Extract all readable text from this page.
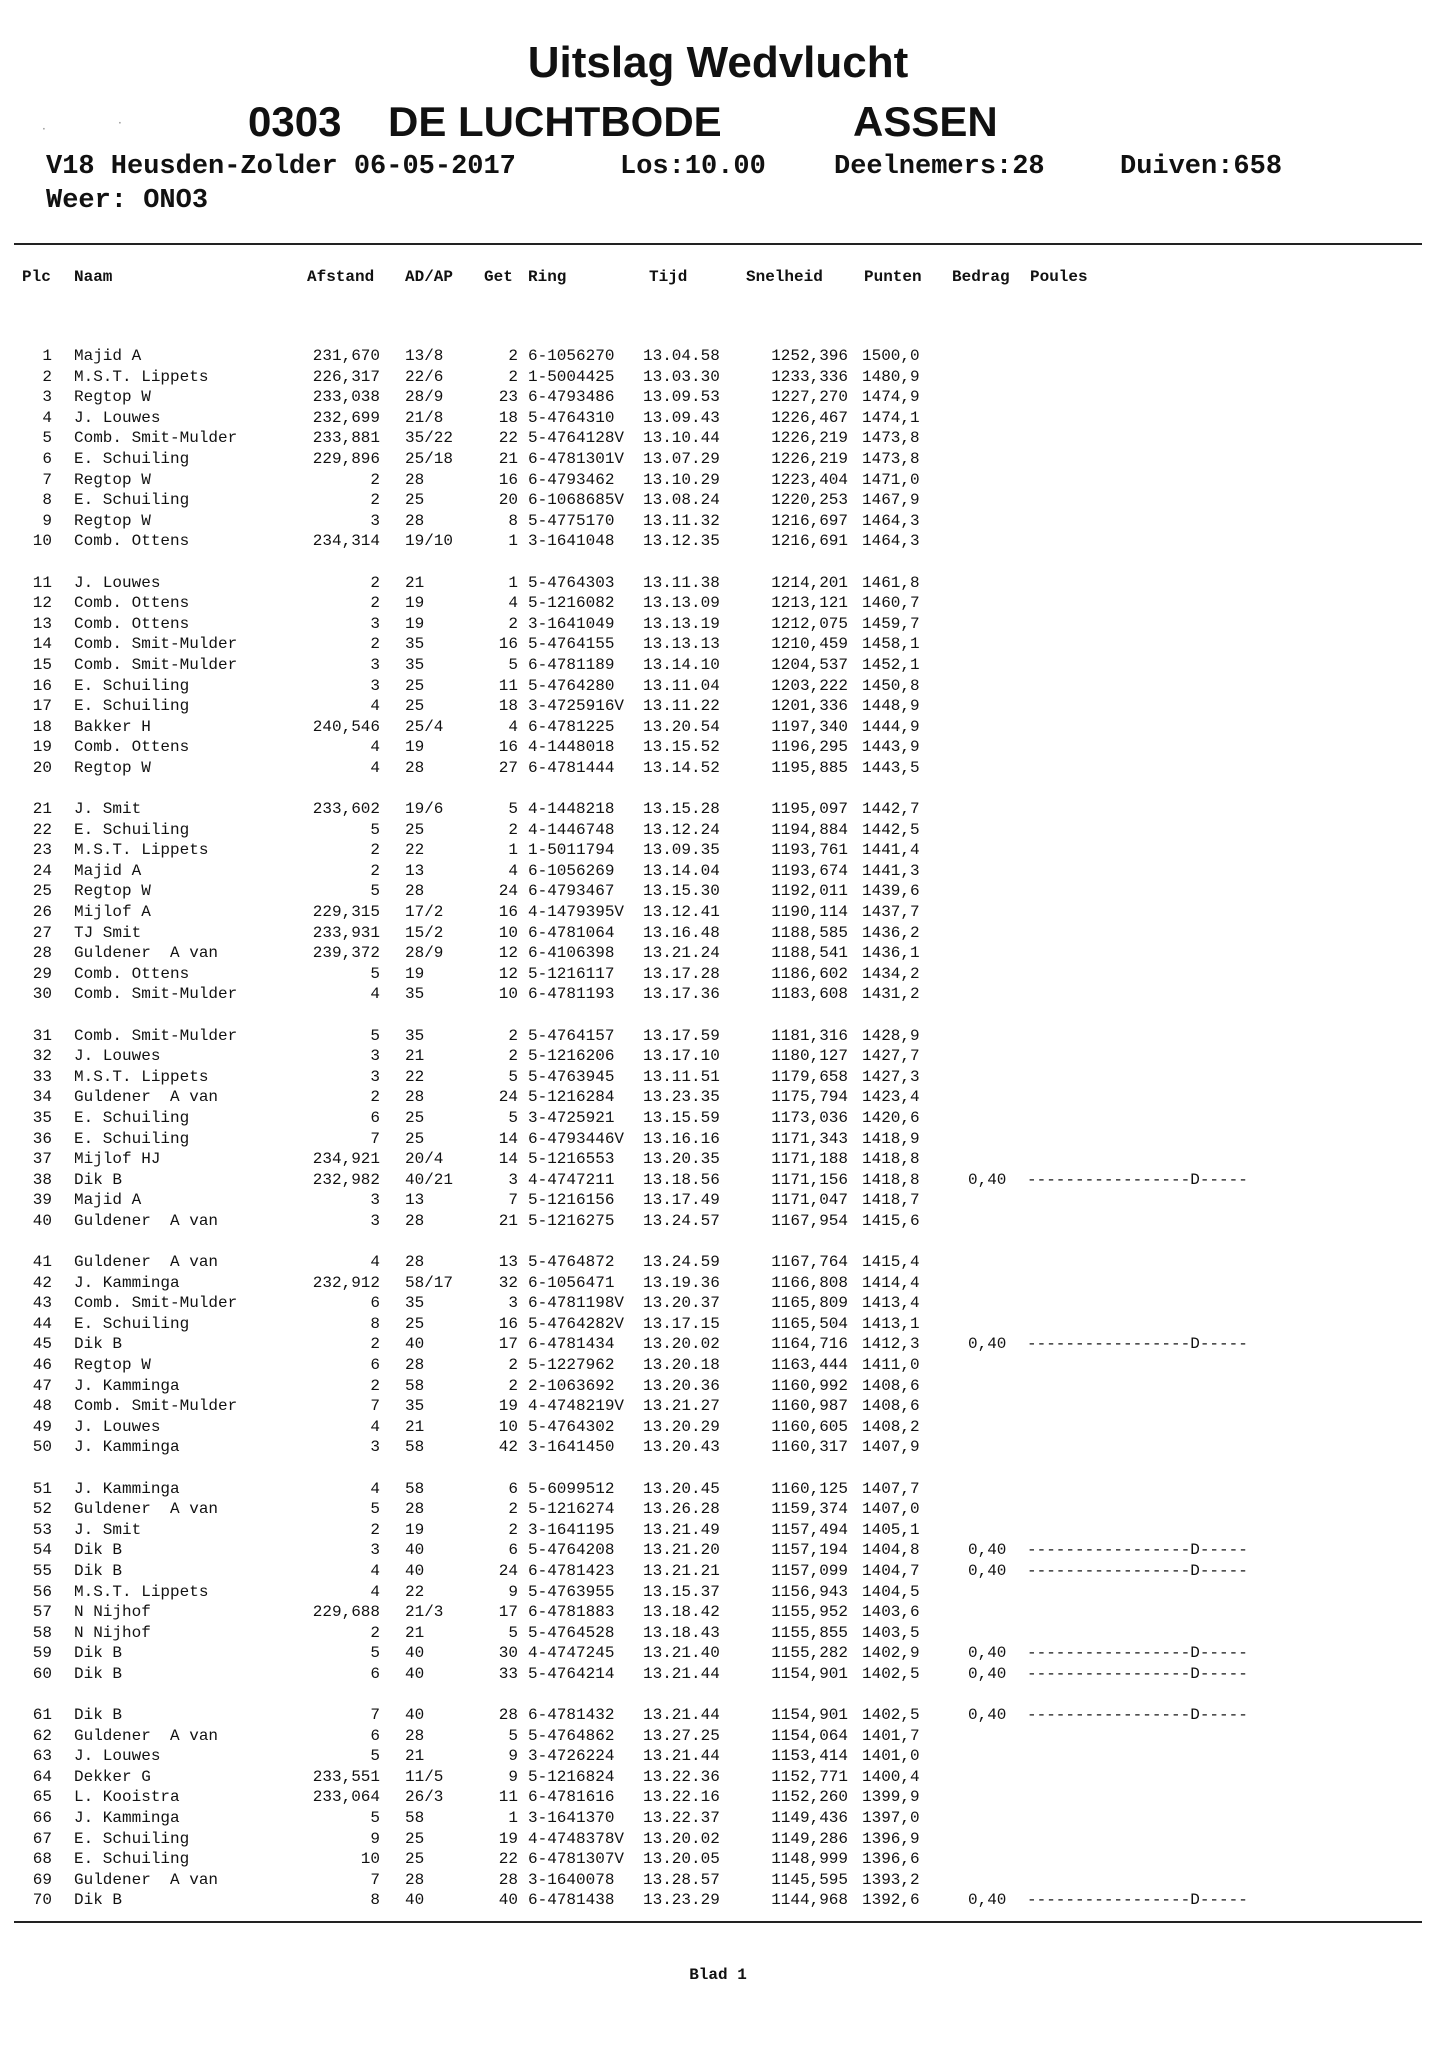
Uitslag Wedvlucht
0303 DE LUCHTBODE	ASSEN
V18 Heusden-Zolder 06-05-2017	Los:10.00	Deelnemers:28	Duiven:658
Weer: ONO3
Plc Naam	Afstand AD/AP Get Ring	Tijd	Snelheid	Punten Bedrag Poules
1 Majid A	231,670 13/8	2 6-1056270 13.04.58	1252,396 1500,0
2 M.S.T. Lippets	226,317 22/6	2 1-5004425 13.03.30	1233,336 1480,9
3 Regtop W	233,038 28/9	23 6-4793486 13.09.53	1227,270 1474,9
4 J. Louwes	232,699 21/8	18 5-4764310 13.09.43	1226,467 1474,1
5 Comb. Smit-Mulder	233,881 35/22	22 5-4764128V 13.10.44	1226,219 1473,8
6 E. Schuiling	229,896 25/18	21 6-4781301V 13.07.29	1226,219 1473,8
7 Regtop W	2 28	16 6-4793462 13.10.29	1223,404 1471,0
8 E. Schuiling	2 25	20 6-1068685V 13.08.24	1220,253 1467,9
9 Regtop W	3 28	8 5-4775170 13.11.32	1216,697 1464,3
10 Comb. Ottens	234,314 19/10	1 3-1641048 13.12.35	1216,691 1464,3
11 J. Louwes	2 21	1 5-4764303 13.11.38	1214,201 1461,8
12 Comb. Ottens	2 19	4 5-1216082 13.13.09	1213,121 1460,7
13 Comb. Ottens	3 19	2 3-1641049 13.13.19	1212,075 1459,7
14 Comb. Smit-Mulder	2 35	16 5-4764155 13.13.13	1210,459 1458,1
15 Comb. Smit-Mulder	3 35	5 6-4781189 13.14.10	1204,537 1452,1
16 E. Schuiling	3 25	11 5-4764280 13.11.04	1203,222 1450,8
17 E. Schuiling	4 25	18 3-4725916V 13.11.22	1201,336 1448,9
18 Bakker H	240,546 25/4	4 6-4781225 13.20.54	1197,340 1444,9
19 Comb. Ottens	4 19	16 4-1448018 13.15.52	1196,295 1443,9
20 Regtop W	4 28	27 6-4781444 13.14.52	1195,885 1443,5
21 J. Smit	233,602 19/6	5 4-1448218 13.15.28	1195,097 1442,7
22 E. Schuiling	5 25	2 4-1446748 13.12.24	1194,884 1442,5
23 M.S.T. Lippets	2 22	1 1-5011794 13.09.35	1193,761 1441,4
24 Majid A	2 13	4 6-1056269 13.14.04	1193,674 1441,3
25 Regtop W	5 28	24 6-4793467 13.15.30	1192,011 1439,6
26 Mijlof A	229,315 17/2	16 4-1479395V 13.12.41	1190,114 1437,7
27 TJ Smit	233,931 15/2	10 6-4781064 13.16.48	1188,585 1436,2
28 Guldener  A van	239,372 28/9	12 6-4106398 13.21.24	1188,541 1436,1
29 Comb. Ottens	5 19	12 5-1216117 13.17.28	1186,602 1434,2
30 Comb. Smit-Mulder	4 35	10 6-4781193 13.17.36	1183,608 1431,2
31 Comb. Smit-Mulder	5 35	2 5-4764157 13.17.59	1181,316 1428,9
32 J. Louwes	3 21	2 5-1216206 13.17.10	1180,127 1427,7
33 M.S.T. Lippets	3 22	5 5-4763945 13.11.51	1179,658 1427,3
34 Guldener  A van	2 28	24 5-1216284 13.23.35	1175,794 1423,4
35 E. Schuiling	6 25	5 3-4725921 13.15.59	1173,036 1420,6
36 E. Schuiling	7 25	14 6-4793446V 13.16.16	1171,343 1418,9
37 Mijlof HJ	234,921 20/4	14 5-1216553 13.20.35	1171,188 1418,8
38 Dik B	232,982 40/21	3 4-4747211 13.18.56	1171,156 1418,8	0,40 -----------------D-----
39 Majid A	3 13	7 5-1216156 13.17.49	1171,047 1418,7
40 Guldener  A van	3 28	21 5-1216275 13.24.57	1167,954 1415,6
41 Guldener  A van	4 28	13 5-4764872 13.24.59	1167,764 1415,4
42 J. Kamminga	232,912 58/17	32 6-1056471 13.19.36	1166,808 1414,4
43 Comb. Smit-Mulder	6 35	3 6-4781198V 13.20.37	1165,809 1413,4
44 E. Schuiling	8 25	16 5-4764282V 13.17.15	1165,504 1413,1
45 Dik B	2 40	17 6-4781434 13.20.02	1164,716 1412,3	0,40 -----------------D-----
46 Regtop W	6 28	2 5-1227962 13.20.18	1163,444 1411,0
47 J. Kamminga	2 58	2 2-1063692 13.20.36	1160,992 1408,6
48 Comb. Smit-Mulder	7 35	19 4-4748219V 13.21.27	1160,987 1408,6
49 J. Louwes	4 21	10 5-4764302 13.20.29	1160,605 1408,2
50 J. Kamminga	3 58	42 3-1641450 13.20.43	1160,317 1407,9
51 J. Kamminga	4 58	6 5-6099512 13.20.45	1160,125 1407,7
52 Guldener  A van	5 28	2 5-1216274 13.26.28	1159,374 1407,0
53 J. Smit	2 19	2 3-1641195 13.21.49	1157,494 1405,1
54 Dik B	3 40	6 5-4764208 13.21.20	1157,194 1404,8	0,40 -----------------D-----
55 Dik B	4 40	24 6-4781423 13.21.21	1157,099 1404,7	0,40 -----------------D-----
56 M.S.T. Lippets	4 22	9 5-4763955 13.15.37	1156,943 1404,5
57 N Nijhof	229,688 21/3	17 6-4781883 13.18.42	1155,952 1403,6
58 N Nijhof	2 21	5 5-4764528 13.18.43	1155,855 1403,5
59 Dik B	5 40	30 4-4747245 13.21.40	1155,282 1402,9	0,40 -----------------D-----
60 Dik B	6 40	33 5-4764214 13.21.44	1154,901 1402,5	0,40 -----------------D-----
61 Dik B	7 40	28 6-4781432 13.21.44	1154,901 1402,5	0,40 -----------------D-----
62 Guldener  A van	6 28	5 5-4764862 13.27.25	1154,064 1401,7
63 J. Louwes	5 21	9 3-4726224 13.21.44	1153,414 1401,0
64 Dekker G	233,551 11/5	9 5-1216824 13.22.36	1152,771 1400,4
65 L. Kooistra	233,064 26/3	11 6-4781616 13.22.16	1152,260 1399,9
66 J. Kamminga	5 58	1 3-1641370 13.22.37	1149,436 1397,0
67 E. Schuiling	9 25	19 4-4748378V 13.20.02	1149,286 1396,9
68 E. Schuiling	10 25	22 6-4781307V 13.20.05	1148,999 1396,6
69 Guldener  A van	7 28	28 3-1640078 13.28.57	1145,595 1393,2
70 Dik B	8 40	40 6-4781438 13.23.29	1144,968 1392,6	0,40 -----------------D-----
Blad 1
·	·
